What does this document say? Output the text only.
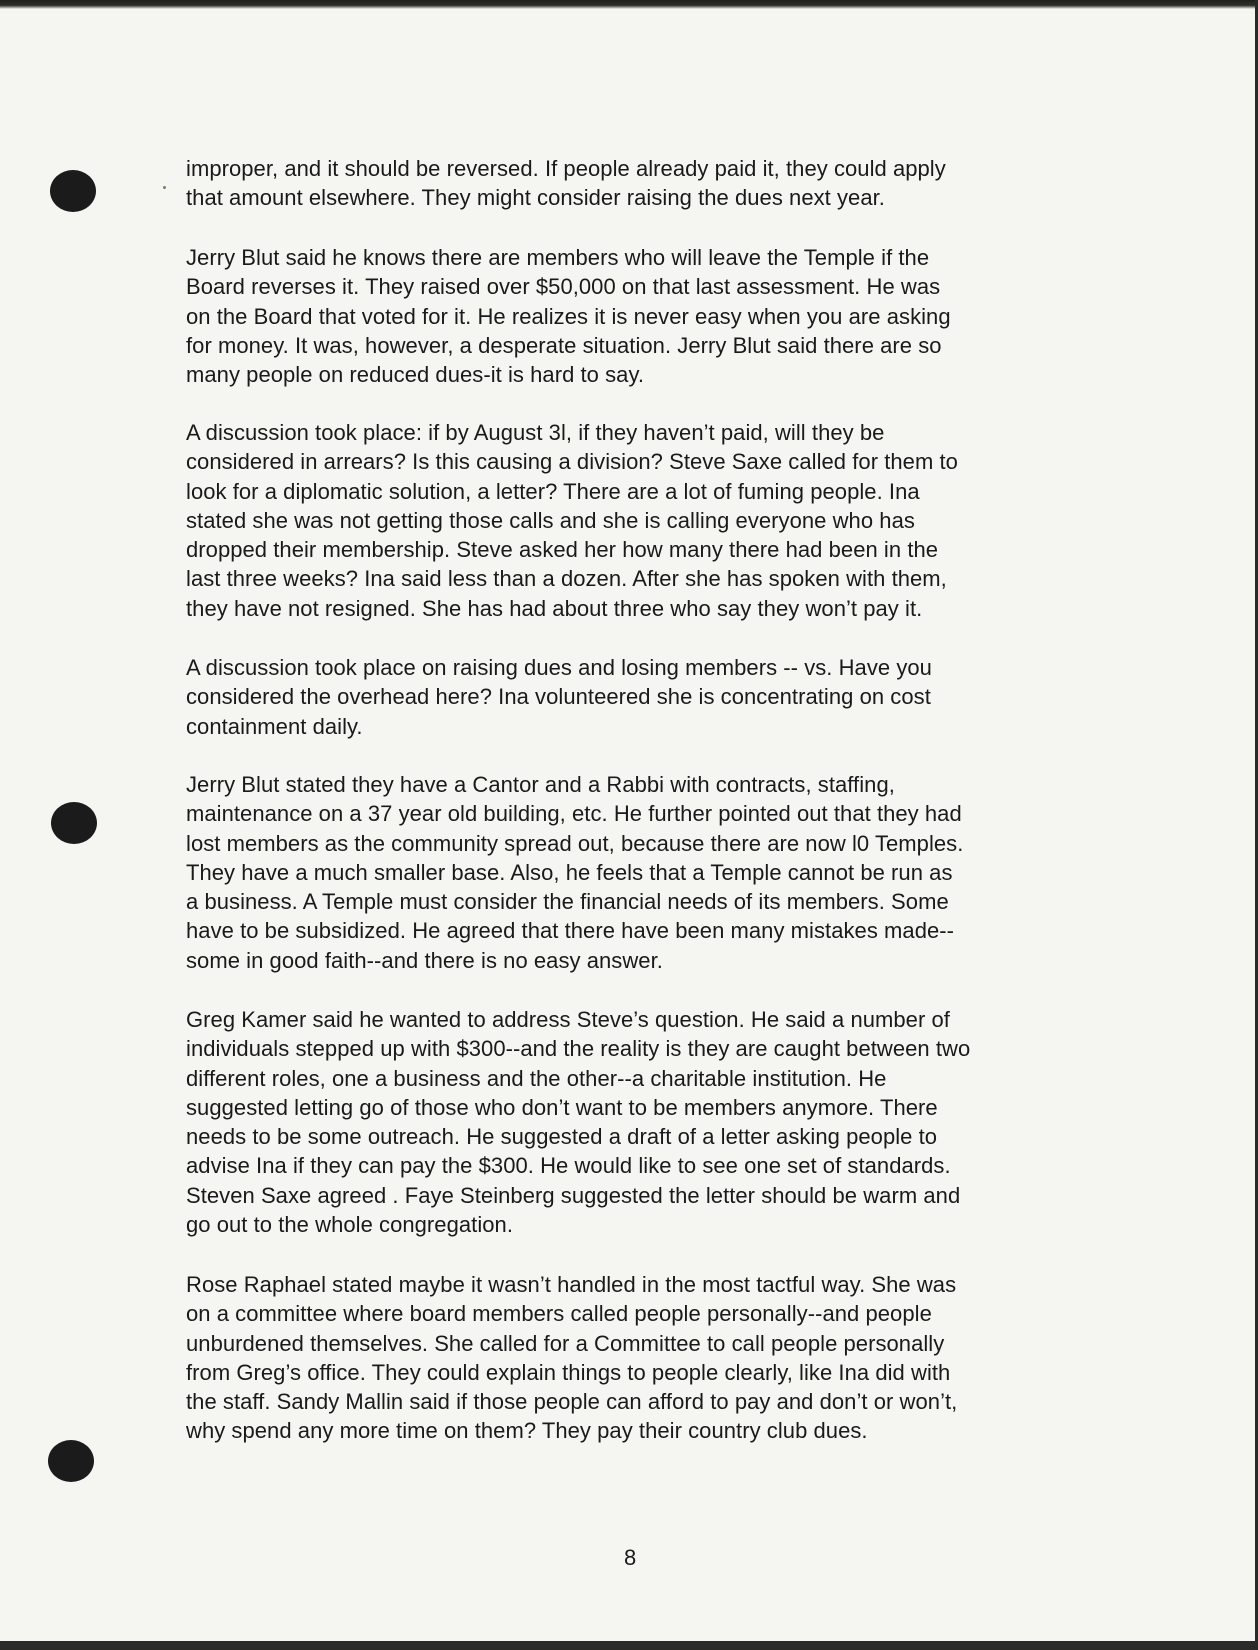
improper, and it should be reversed. If people already paid it, they could apply
that amount elsewhere. They might consider raising the dues next year.
Jerry Blut said he knows there are members who will leave the Temple if the
Board reverses it. They raised over $50,000 on that last assessment. He was
on the Board that voted for it. He realizes it is never easy when you are asking
for money. It was, however, a desperate situation. Jerry Blut said there are so
many people on reduced dues-it is hard to say.
A discussion took place: if by August 3l, if they haven’t paid, will they be
considered in arrears? Is this causing a division? Steve Saxe called for them to
look for a diplomatic solution, a letter? There are a lot of fuming people. Ina
stated she was not getting those calls and she is calling everyone who has
dropped their membership. Steve asked her how many there had been in the
last three weeks? Ina said less than a dozen. After she has spoken with them,
they have not resigned. She has had about three who say they won’t pay it.
A discussion took place on raising dues and losing members -- vs. Have you
considered the overhead here? Ina volunteered she is concentrating on cost
containment daily.
Jerry Blut stated they have a Cantor and a Rabbi with contracts, staffing,
maintenance on a 37 year old building, etc. He further pointed out that they had
lost members as the community spread out, because there are now l0 Temples.
They have a much smaller base. Also, he feels that a Temple cannot be run as
a business. A Temple must consider the financial needs of its members. Some
have to be subsidized. He agreed that there have been many mistakes made--
some in good faith--and there is no easy answer.
Greg Kamer said he wanted to address Steve’s question. He said a number of
individuals stepped up with $300--and the reality is they are caught between two
different roles, one a business and the other--a charitable institution. He
suggested letting go of those who don’t want to be members anymore. There
needs to be some outreach. He suggested a draft of a letter asking people to
advise Ina if they can pay the $300. He would like to see one set of standards.
Steven Saxe agreed . Faye Steinberg suggested the letter should be warm and
go out to the whole congregation.
Rose Raphael stated maybe it wasn’t handled in the most tactful way. She was
on a committee where board members called people personally--and people
unburdened themselves. She called for a Committee to call people personally
from Greg’s office. They could explain things to people clearly, like Ina did with
the staff. Sandy Mallin said if those people can afford to pay and don’t or won’t,
why spend any more time on them? They pay their country club dues.
8
